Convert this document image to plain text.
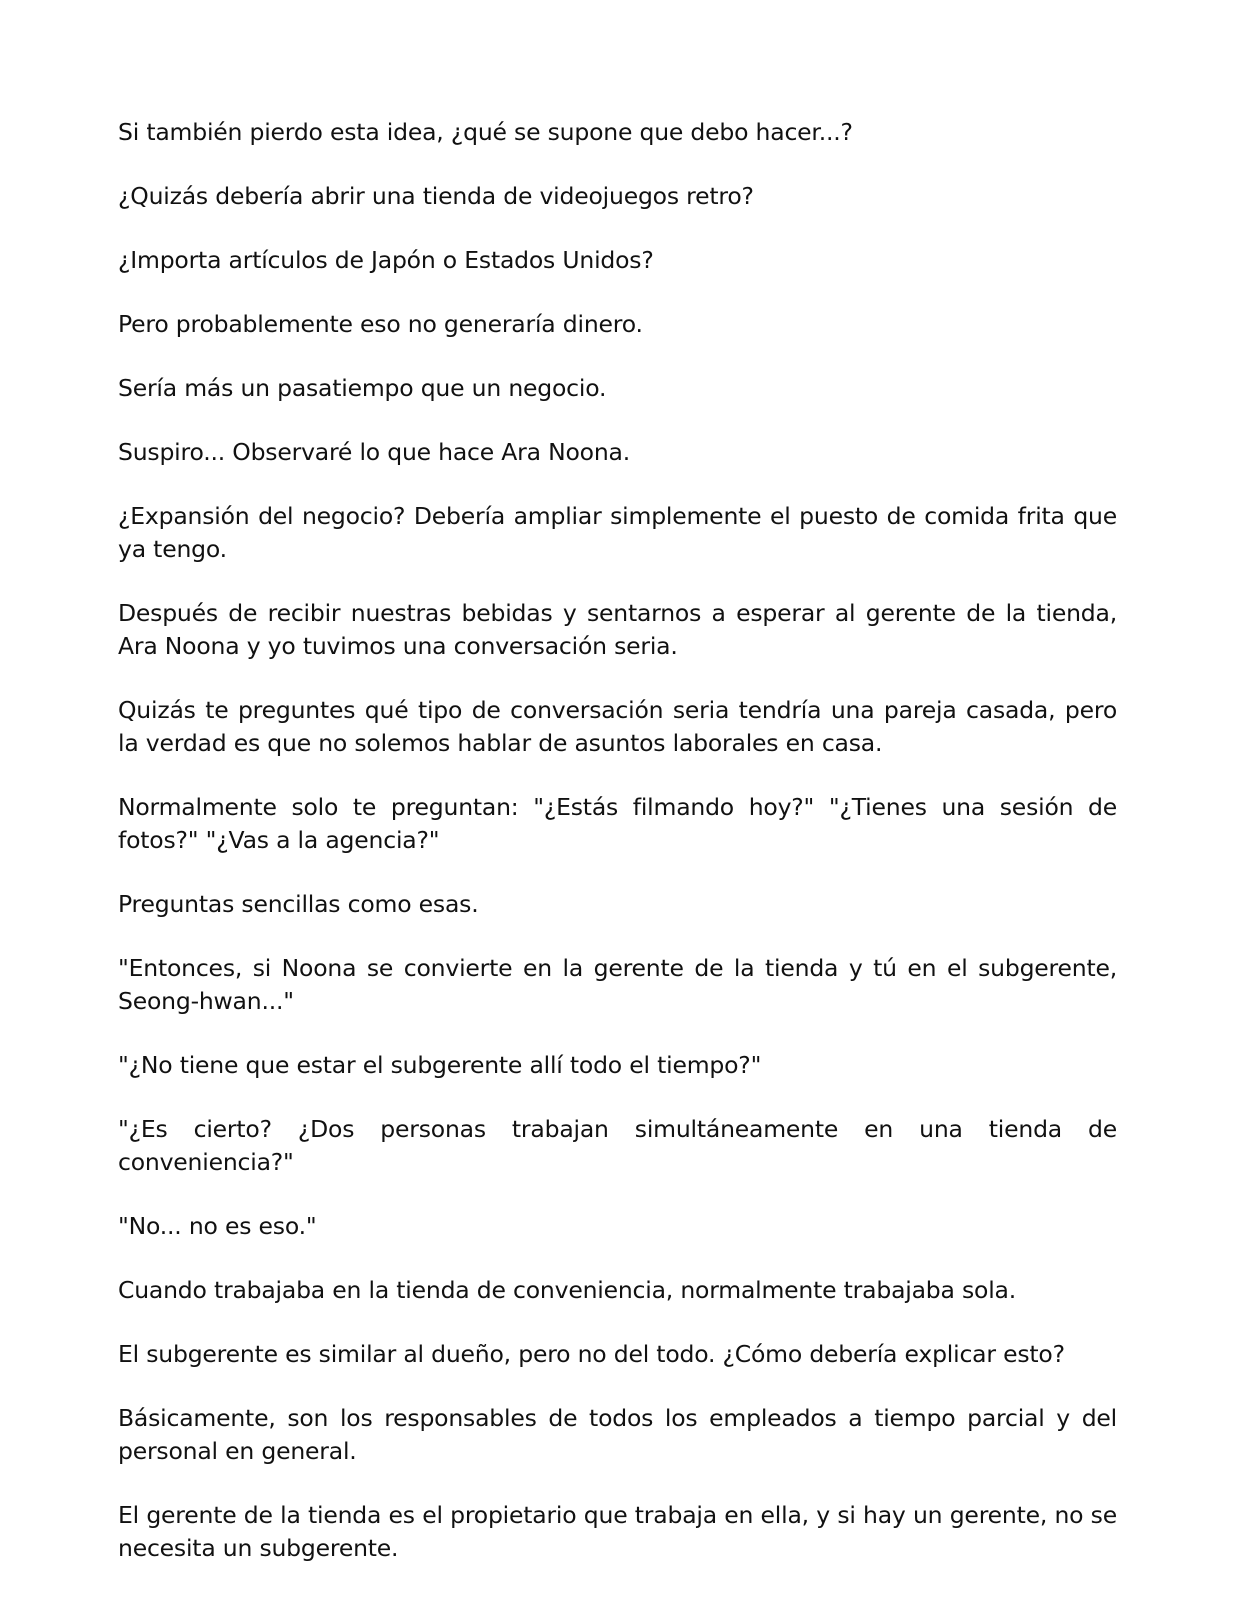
Si también pierdo esta idea, ¿qué se supone que debo hacer...?

¿Quizás debería abrir una tienda de videojuegos retro?

¿Importa artículos de Japón o Estados Unidos?

Pero probablemente eso no generaría dinero.

Sería más un pasatiempo que un negocio.

Suspiro... Observaré lo que hace Ara Noona.

¿Expansión del negocio? Debería ampliar simplemente el puesto de comida frita que ya tengo.

Después de recibir nuestras bebidas y sentarnos a esperar al gerente de la tienda, Ara Noona y yo tuvimos una conversación seria.

Quizás te preguntes qué tipo de conversación seria tendría una pareja casada, pero la verdad es que no solemos hablar de asuntos laborales en casa.

Normalmente solo te preguntan: "¿Estás filmando hoy?" "¿Tienes una sesión de fotos?" "¿Vas a la agencia?"

Preguntas sencillas como esas.

"Entonces, si Noona se convierte en la gerente de la tienda y tú en el subgerente, Seong-hwan..."

"¿No tiene que estar el subgerente allí todo el tiempo?"

"¿Es cierto? ¿Dos personas trabajan simultáneamente en una tienda de conveniencia?"

"No... no es eso."

Cuando trabajaba en la tienda de conveniencia, normalmente trabajaba sola.

El subgerente es similar al dueño, pero no del todo. ¿Cómo debería explicar esto?

Básicamente, son los responsables de todos los empleados a tiempo parcial y del personal en general.

El gerente de la tienda es el propietario que trabaja en ella, y si hay un gerente, no se necesita un subgerente.
